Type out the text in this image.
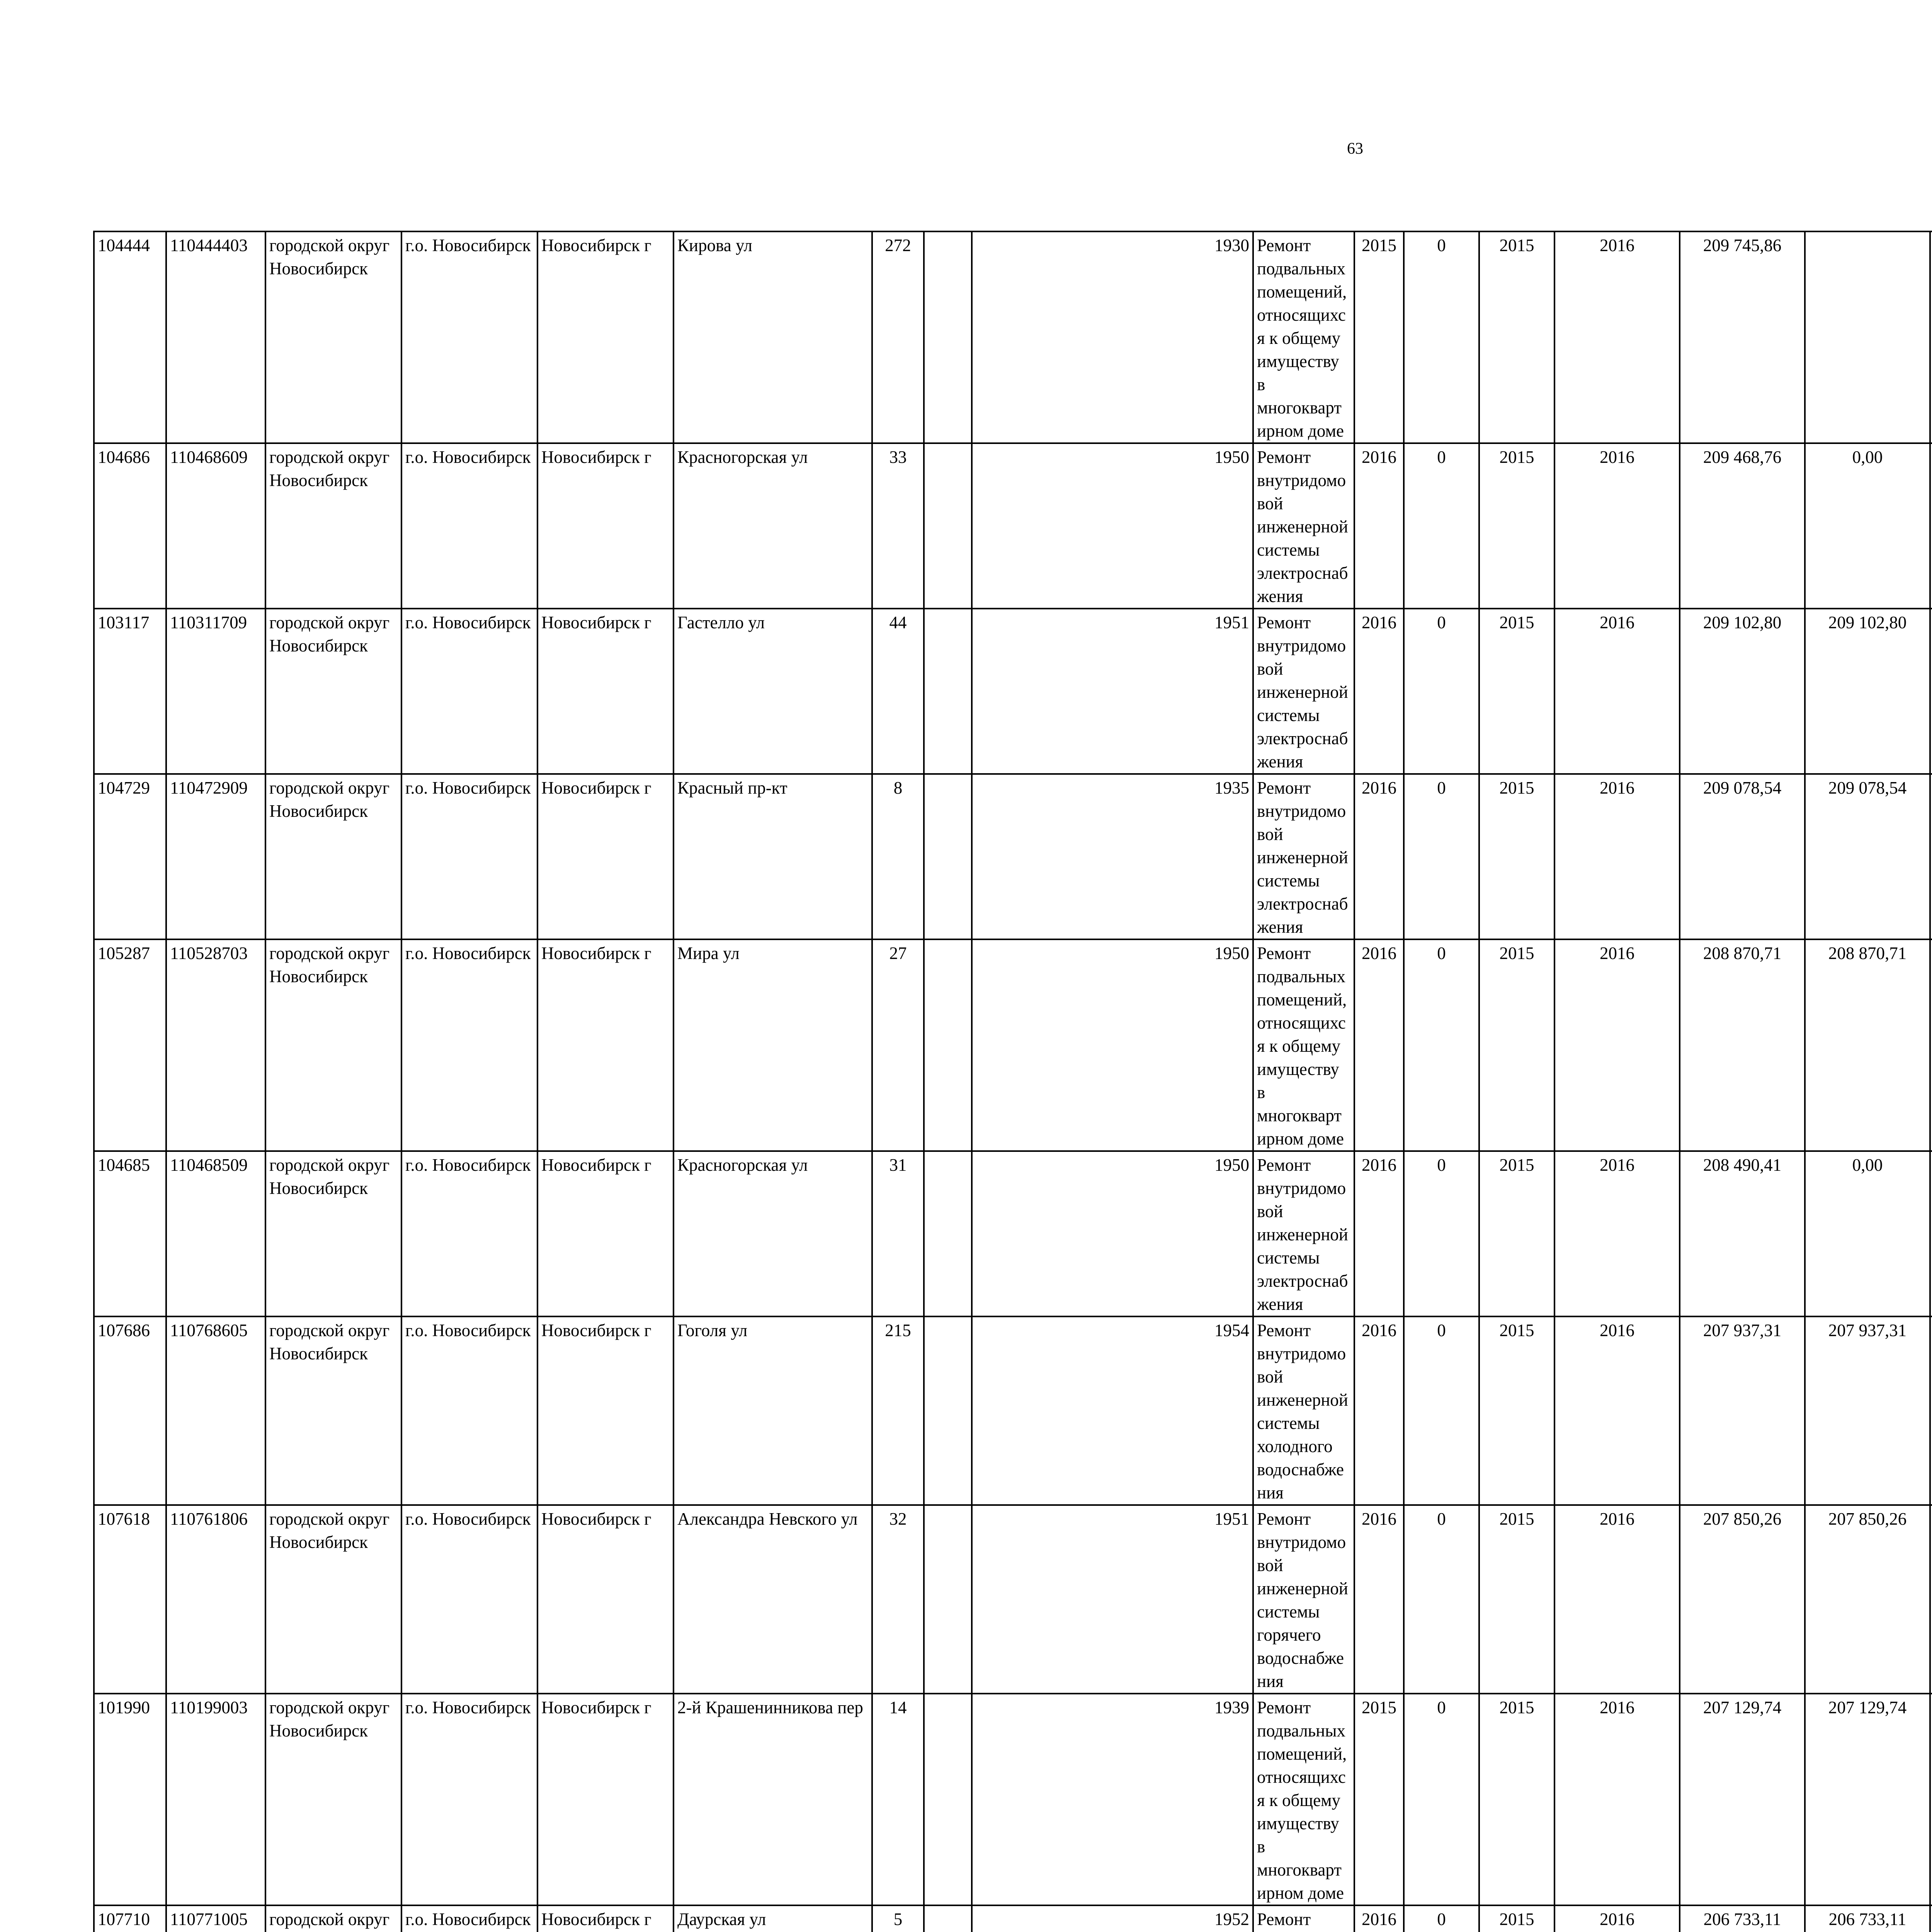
63
104444	110444403	городской округ Новосибирск	г.о. Новосибирск	Новосибирск г	Кирова ул	272		1930	Ремонт подвальных помещений, относящихся к общему имуществу в многоквартирном доме	2015	0	2015	2016	209 745,86							
104686	110468609	городской округ Новосибирск	г.о. Новосибирск	Новосибирск г	Красногорская ул	33		1950	Ремонт внутридомовой инженерной системы электроснабжения	2016	0	2015	2016	209 468,76	0,00						
103117	110311709	городской округ Новосибирск	г.о. Новосибирск	Новосибирск г	Гастелло ул	44		1951	Ремонт внутридомовой инженерной системы электроснабжения	2016	0	2015	2016	209 102,80	209 102,80						
104729	110472909	городской округ Новосибирск	г.о. Новосибирск	Новосибирск г	Красный пр-кт	8		1935	Ремонт внутридомовой инженерной системы электроснабжения	2016	0	2015	2016	209 078,54	209 078,54						
105287	110528703	городской округ Новосибирск	г.о. Новосибирск	Новосибирск г	Мира ул	27		1950	Ремонт подвальных помещений, относящихся к общему имуществу в многоквартирном доме	2016	0	2015	2016	208 870,71	208 870,71						
104685	110468509	городской округ Новосибирск	г.о. Новосибирск	Новосибирск г	Красногорская ул	31		1950	Ремонт внутридомовой инженерной системы электроснабжения	2016	0	2015	2016	208 490,41	0,00						
107686	110768605	городской округ Новосибирск	г.о. Новосибирск	Новосибирск г	Гоголя ул	215		1954	Ремонт внутридомовой инженерной системы холодного водоснабжения	2016	0	2015	2016	207 937,31	207 937,31						
107618	110761806	городской округ Новосибирск	г.о. Новосибирск	Новосибирск г	Александра Невского ул	32		1951	Ремонт внутридомовой инженерной системы горячего водоснабжения	2016	0	2015	2016	207 850,26	207 850,26						
101990	110199003	городской округ Новосибирск	г.о. Новосибирск	Новосибирск г	2-й Крашенинникова пер	14		1939	Ремонт подвальных помещений, относящихся к общему имуществу в многоквартирном доме	2015	0	2015	2016	207 129,74	207 129,74						
107710	110771005	городской округ	г.о. Новосибирск	Новосибирск г	Даурская ул	5		1952	Ремонт	2016	0	2015	2016	206 733,11	206 733,11						
